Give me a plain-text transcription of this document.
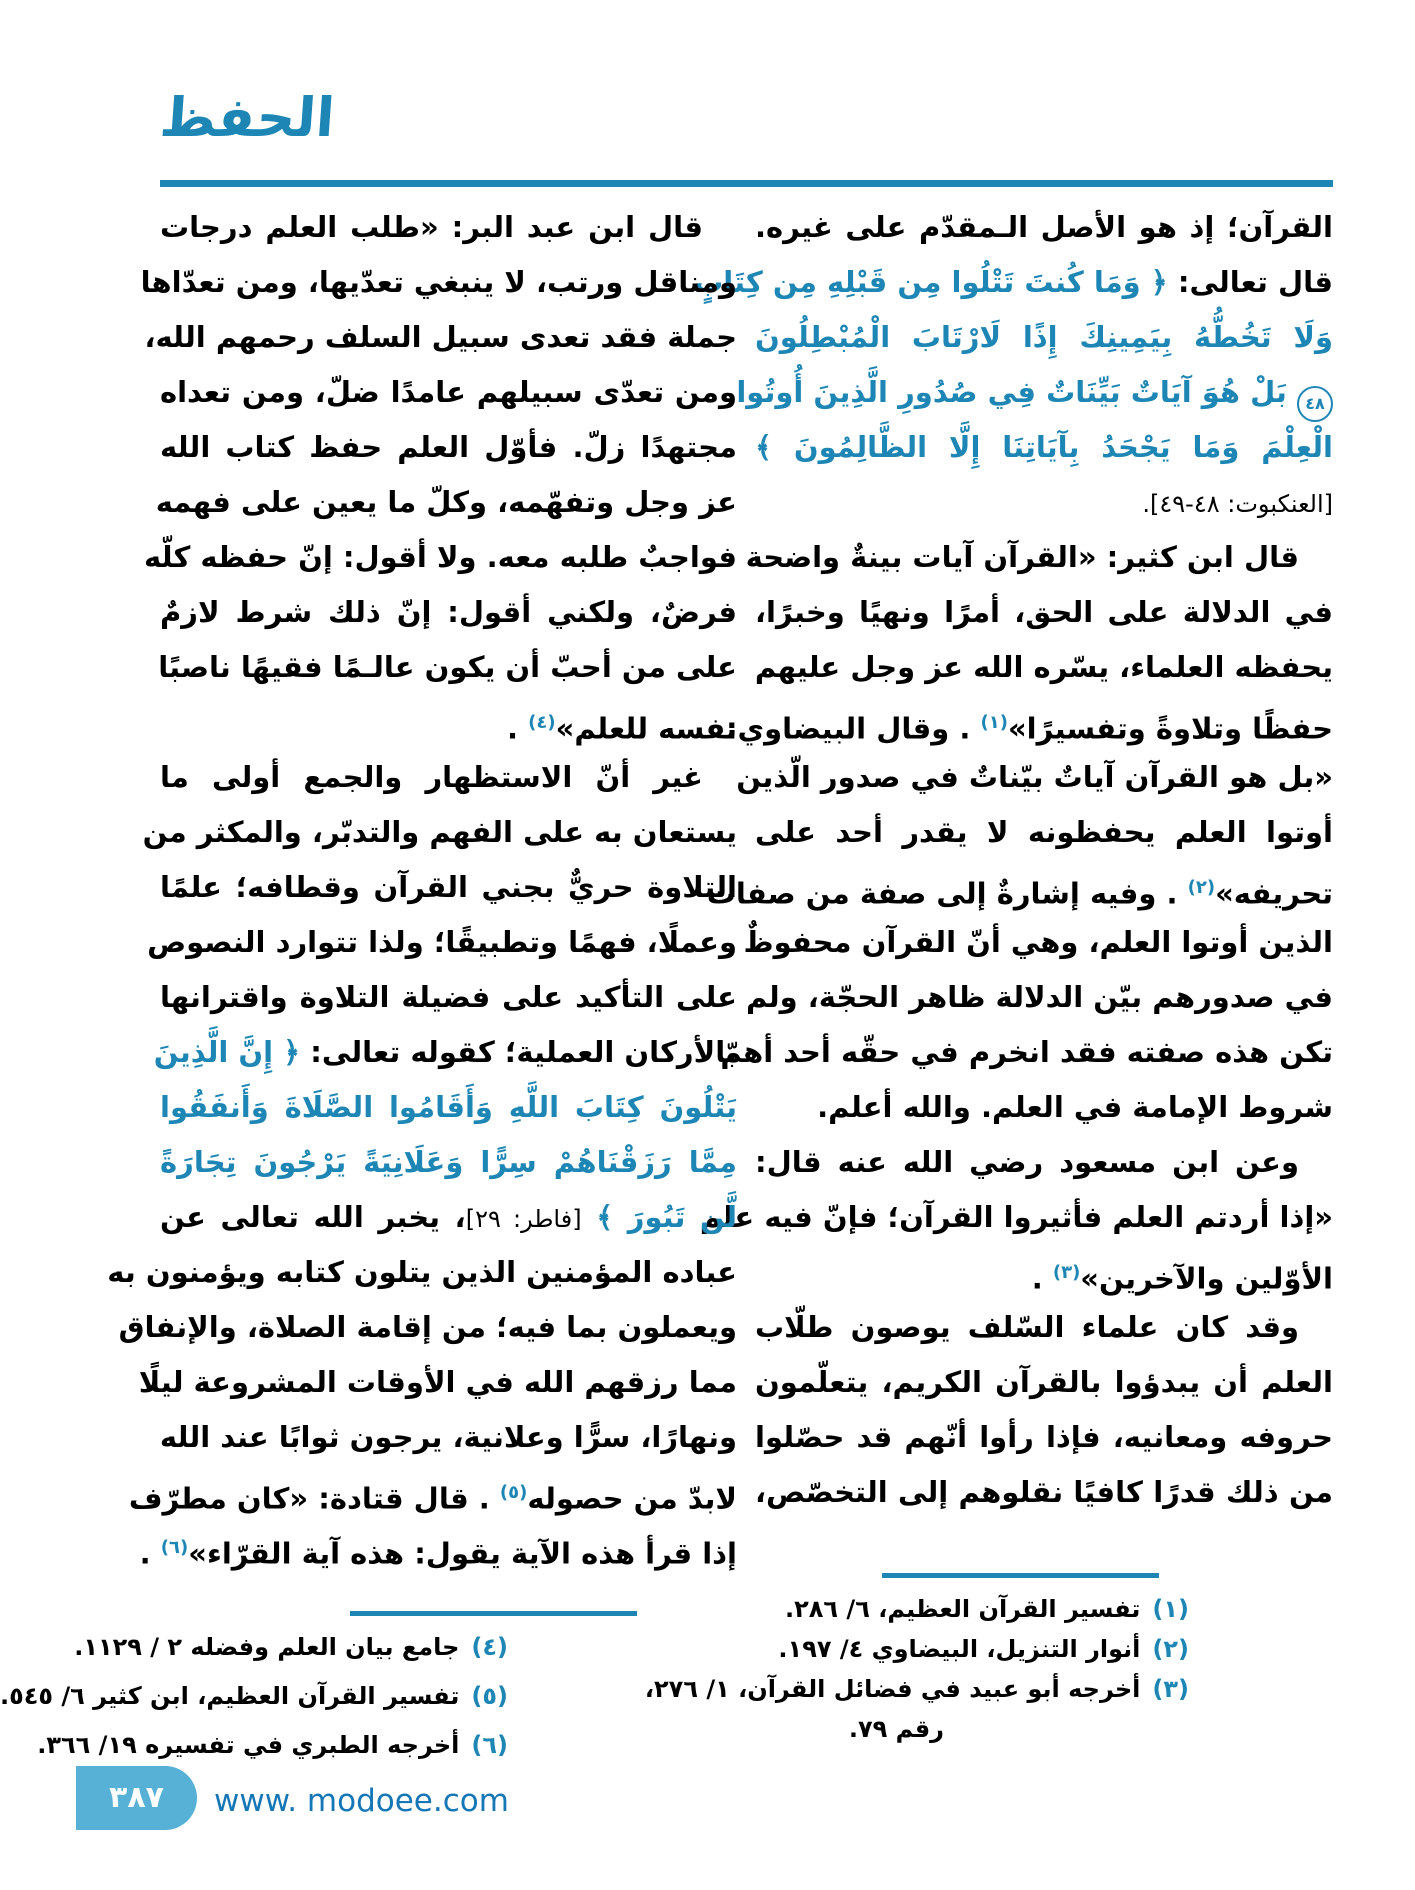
الحفظ
القرآن؛ إذ هو الأصل الـمقدّم على غيره.
قال تعالى: ﴿ وَمَا كُنتَ تَتْلُوا مِن قَبْلِهِ مِن كِتَابٍ
وَلَا تَخُطُّهُ بِيَمِينِكَ إِذًا لَارْتَابَ الْمُبْطِلُونَ
٤٨ بَلْ هُوَ آيَاتٌ بَيِّنَاتٌ فِي صُدُورِ الَّذِينَ أُوتُوا
الْعِلْمَ وَمَا يَجْحَدُ بِآيَاتِنَا إِلَّا الظَّالِمُونَ ﴾
[العنكبوت: ٤٨-٤٩].
قال ابن كثير: «القرآن آيات بينةٌ واضحة
في الدلالة على الحق، أمرًا ونهيًا وخبرًا،
يحفظه العلماء، يسّره الله عز وجل عليهم
حفظًا وتلاوةً وتفسيرًا»$^{(١)}$ . وقال البيضاوي:
«بل هو القرآن آياتٌ بيّناتٌ في صدور الّذين
أوتوا العلم يحفظونه لا يقدر أحد على
تحريفه»$^{(٢)}$ . وفيه إشارةٌ إلى صفة من صفات
الذين أوتوا العلم، وهي أنّ القرآن محفوظٌ
في صدورهم بيّن الدلالة ظاهر الحجّة، ولم
تكن هذه صفته فقد انخرم في حقّه أحد أهمّ
شروط الإمامة في العلم. والله أعلم.
وعن ابن مسعود رضي الله عنه قال:
«إذا أردتم العلم فأثيروا القرآن؛ فإنّ فيه علم
الأوّلين والآخرين»$^{(٣)}$ .
وقد كان علماء السّلف يوصون طلّاب
العلم أن يبدؤوا بالقرآن الكريم، يتعلّمون
حروفه ومعانيه، فإذا رأوا أنّهم قد حصّلوا
من ذلك قدرًا كافيًا نقلوهم إلى التخصّص،
قال ابن عبد البر: «طلب العلم درجات
ومناقل ورتب، لا ينبغي تعدّيها، ومن تعدّاها
جملة فقد تعدى سبيل السلف رحمهم الله،
ومن تعدّى سبيلهم عامدًا ضلّ، ومن تعداه
مجتهدًا زلّ. فأوّل العلم حفظ كتاب الله
عز وجل وتفهّمه، وكلّ ما يعين على فهمه
فواجبٌ طلبه معه. ولا أقول: إنّ حفظه كلّه
فرضٌ، ولكني أقول: إنّ ذلك شرط لازمٌ
على من أحبّ أن يكون عالـمًا فقيهًا ناصبًا
نفسه للعلم»$^{(٤)}$ .
غير أنّ الاستظهار والجمع أولى ما
يستعان به على الفهم والتدبّر، والمكثر من
التلاوة حريٌّ بجني القرآن وقطافه؛ علمًا
وعملًا، فهمًا وتطبيقًا؛ ولذا تتوارد النصوص
على التأكيد على فضيلة التلاوة واقترانها
بالأركان العملية؛ كقوله تعالى: ﴿ إِنَّ الَّذِينَ
يَتْلُونَ كِتَابَ اللَّهِ وَأَقَامُوا الصَّلَاةَ وَأَنفَقُوا
مِمَّا رَزَقْنَاهُمْ سِرًّا وَعَلَانِيَةً يَرْجُونَ تِجَارَةً
لَّن تَبُورَ ﴾ [فاطر: ٢٩]، يخبر الله تعالى عن
عباده المؤمنين الذين يتلون كتابه ويؤمنون به
ويعملون بما فيه؛ من إقامة الصلاة، والإنفاق
مما رزقهم الله في الأوقات المشروعة ليلًا
ونهارًا، سرًّا وعلانية، يرجون ثوابًا عند الله
لابدّ من حصوله$^{(٥)}$ . قال قتادة: «كان مطرّف
إذا قرأ هذه الآية يقول: هذه آية القرّاء»$^{(٦)}$ .
(١)تفسير القرآن العظيم، ٦/ ٢٨٦.
(٢)أنوار التنزيل، البيضاوي ٤/ ١٩٧.
(٣)أخرجه أبو عبيد في فضائل القرآن، ١/ ٢٧٦،
رقم ٧٩.
(٤)جامع بيان العلم وفضله ٢ / ١١٢٩.
(٥)تفسير القرآن العظيم، ابن كثير ٦/ ٥٤٥.
(٦)أخرجه الطبري في تفسيره ١٩/ ٣٦٦.
٣٨٧	www. modoee.com
